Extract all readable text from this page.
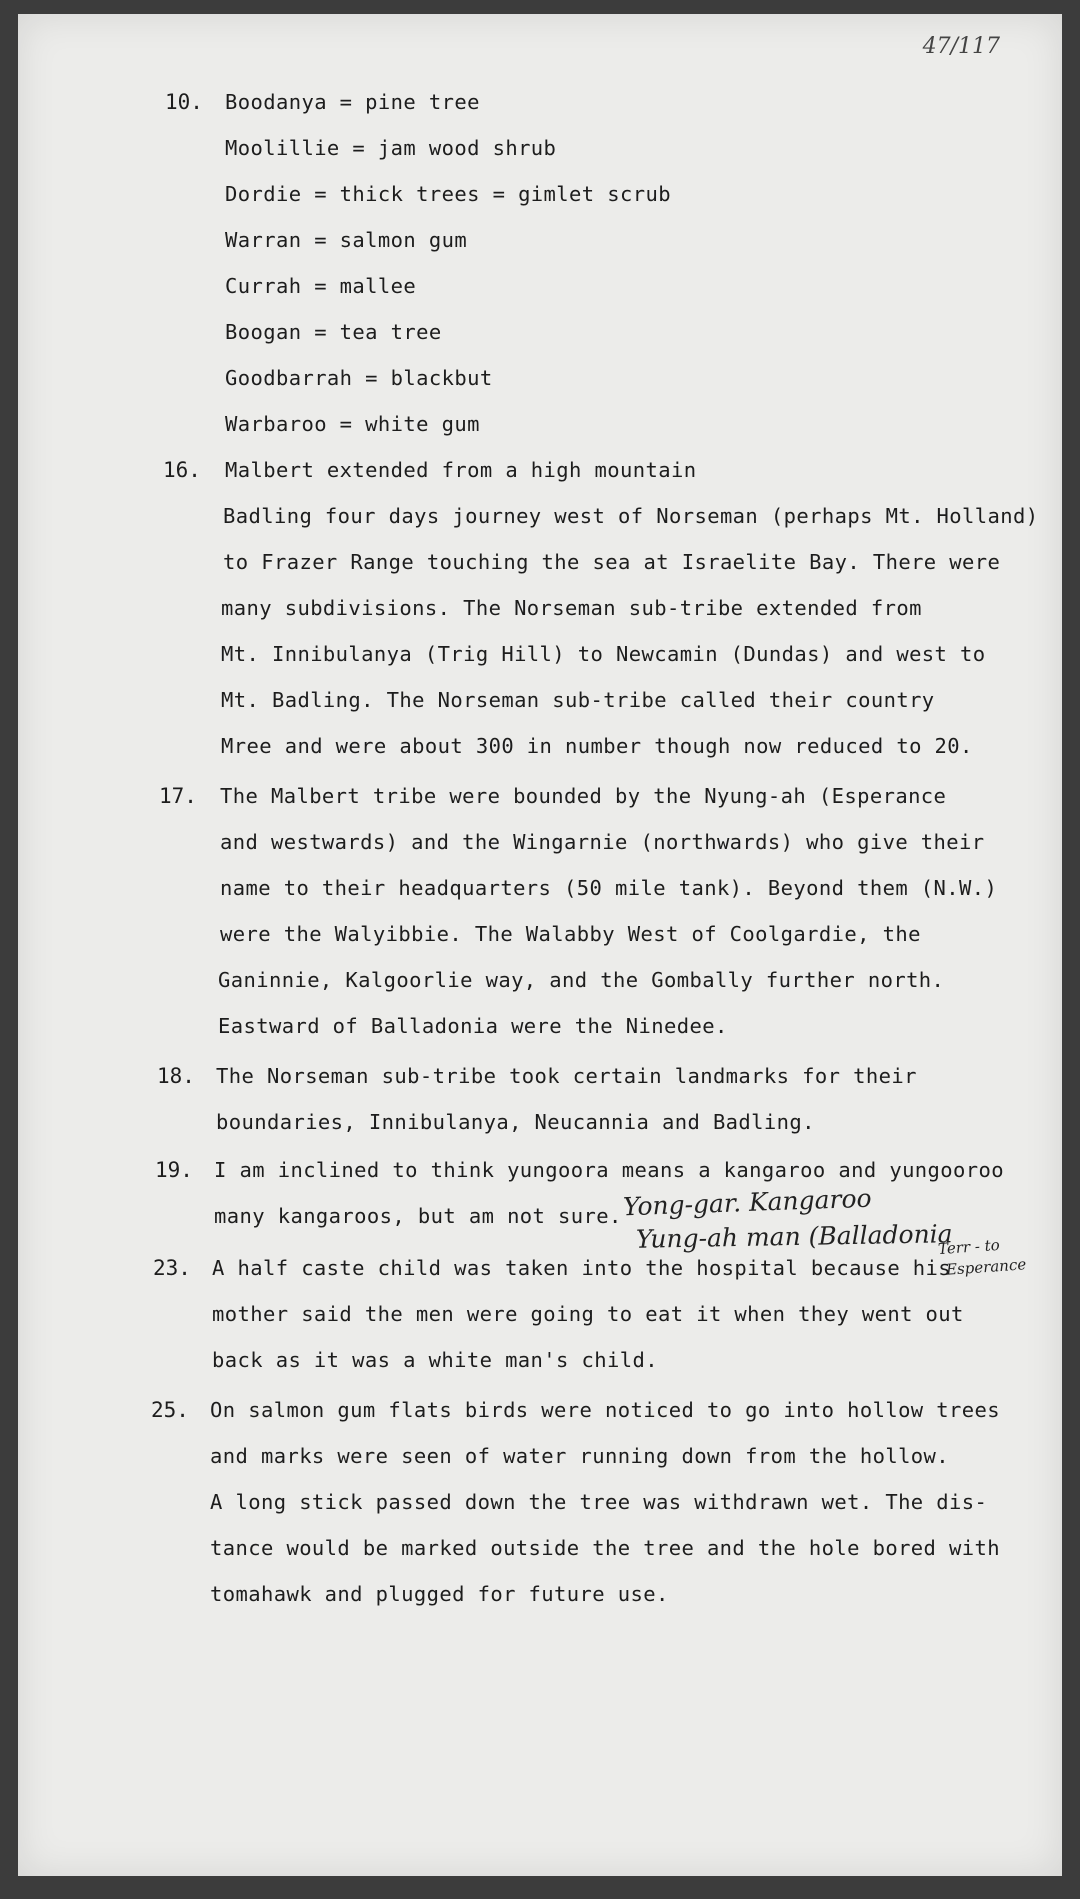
47/117
10. Boodanya = pine tree
Moolillie = jam wood shrub
Dordie = thick trees = gimlet scrub
Warran = salmon gum
Currah = mallee
Boogan = tea tree
Goodbarrah = blackbut
Warbaroo = white gum
16. Malbert extended from a high mountain
Badling four days journey west of Norseman (perhaps Mt. Holland)
to Frazer Range touching the sea at Israelite Bay. There were
many subdivisions. The Norseman sub-tribe extended from
Mt. Innibulanya (Trig Hill) to Newcamin (Dundas) and west to
Mt. Badling. The Norseman sub-tribe called their country
Mree and were about 300 in number though now reduced to 20.
17. The Malbert tribe were bounded by the Nyung-ah (Esperance
and westwards) and the Wingarnie (northwards) who give their
name to their headquarters (50 mile tank). Beyond them (N.W.)
were the Walyibbie. The Walabby West of Coolgardie, the
Ganinnie, Kalgoorlie way, and the Gombally further north.
Eastward of Balladonia were the Ninedee.
18. The Norseman sub-tribe took certain landmarks for their
boundaries, Innibulanya, Neucannia and Badling.
19. I am inclined to think yungoora means a kangaroo and yungooroo
many kangaroos, but am not sure. Yong-gar. Kangaroo
Yung-ah man (Balladonia
Terr - to
Esperance
23. A half caste child was taken into the hospital because his
mother said the men were going to eat it when they went out
back as it was a white man's child.
25. On salmon gum flats birds were noticed to go into hollow trees
and marks were seen of water running down from the hollow.
A long stick passed down the tree was withdrawn wet. The dis-
tance would be marked outside the tree and the hole bored with
tomahawk and plugged for future use.
